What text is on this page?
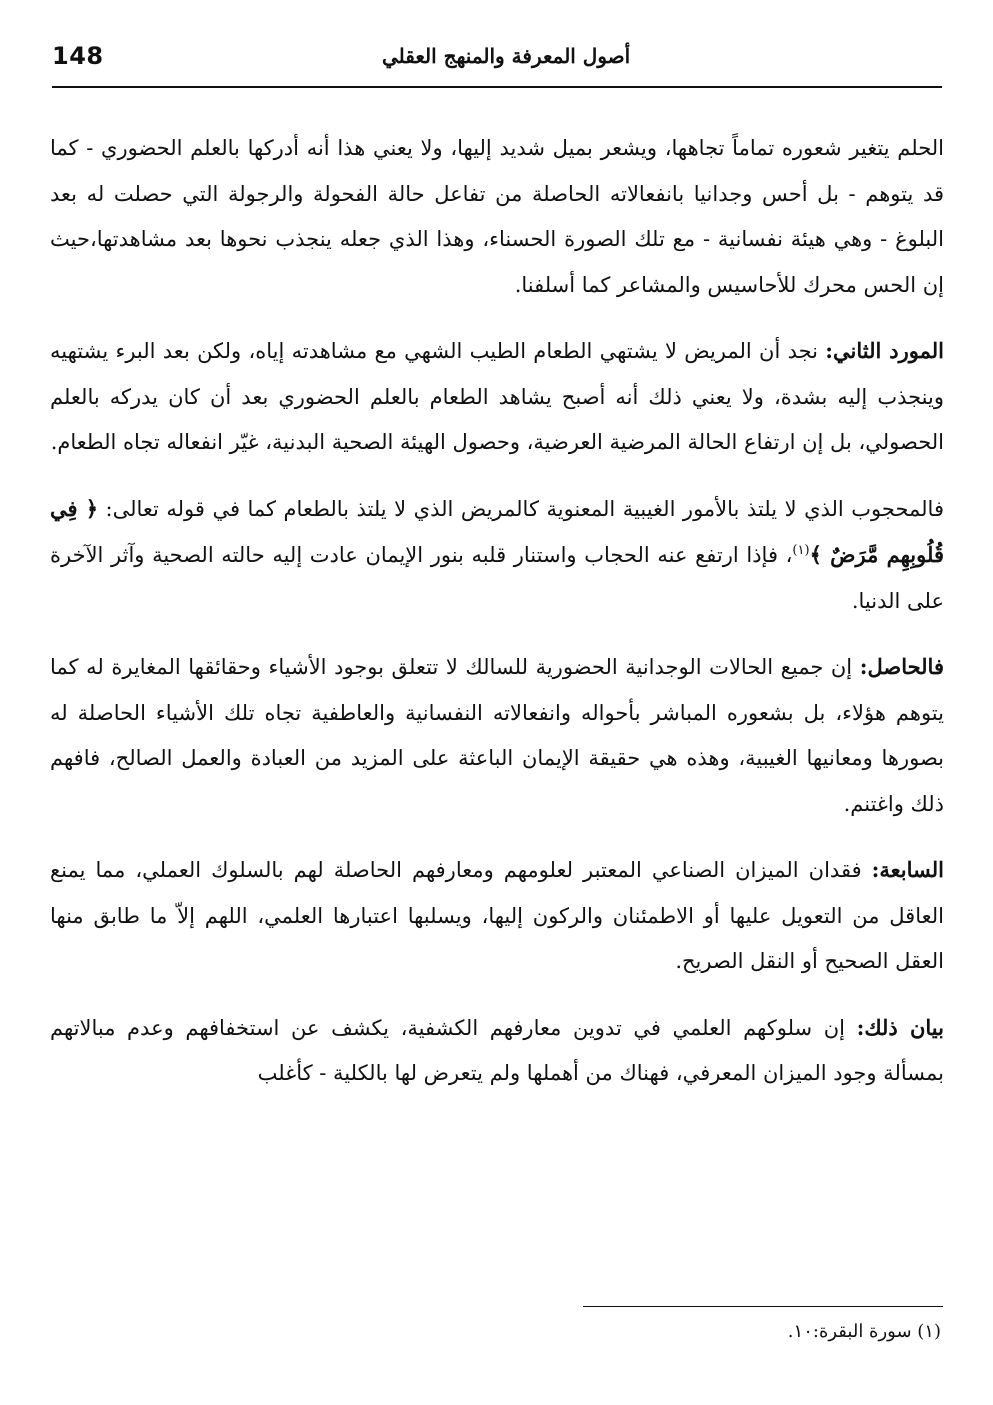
148	أصول المعرفة والمنهج العقلي

الحلم يتغير شعوره تماماً تجاهها، ويشعر بميل شديد إليها، ولا يعني هذا أنه أدركها بالعلم الحضوري - كما قد يتوهم - بل أحس وجدانيا بانفعالاته الحاصلة من تفاعل حالة الفحولة والرجولة التي حصلت له بعد البلوغ - وهي هيئة نفسانية - مع تلك الصورة الحسناء، وهذا الذي جعله ينجذب نحوها بعد مشاهدتها،حيث إن الحس محرك للأحاسيس والمشاعر كما أسلفنا.

المورد الثاني: نجد أن المريض لا يشتهي الطعام الطيب الشهي مع مشاهدته إياه، ولكن بعد البرء يشتهيه وينجذب إليه بشدة، ولا يعني ذلك أنه أصبح يشاهد الطعام بالعلم الحضوري بعد أن كان يدركه بالعلم الحصولي، بل إن ارتفاع الحالة المرضية العرضية، وحصول الهيئة الصحية البدنية، غيّر انفعاله تجاه الطعام.

فالمحجوب الذي لا يلتذ بالأمور الغيبية المعنوية كالمريض الذي لا يلتذ بالطعام كما في قوله تعالى: ﴿ فِي قُلُوبِهِم مَّرَضٌ ﴾$^{(١)}$، فإذا ارتفع عنه الحجاب واستنار قلبه بنور الإيمان عادت إليه حالته الصحية وآثر الآخرة على الدنيا.

فالحاصل: إن جميع الحالات الوجدانية الحضورية للسالك لا تتعلق بوجود الأشياء وحقائقها المغايرة له كما يتوهم هؤلاء، بل بشعوره المباشر بأحواله وانفعالاته النفسانية والعاطفية تجاه تلك الأشياء الحاصلة له بصورها ومعانيها الغيبية، وهذه هي حقيقة الإيمان الباعثة على المزيد من العبادة والعمل الصالح، فافهم ذلك واغتنم.

السابعة: فقدان الميزان الصناعي المعتبر لعلومهم ومعارفهم الحاصلة لهم بالسلوك العملي، مما يمنع العاقل من التعويل عليها أو الاطمئنان والركون إليها، ويسلبها اعتبارها العلمي، اللهم إلاّ ما طابق منها العقل الصحيح أو النقل الصريح.

بيان ذلك: إن سلوكهم العلمي في تدوين معارفهم الكشفية، يكشف عن استخفافهم وعدم مبالاتهم بمسألة وجود الميزان المعرفي، فهناك من أهملها ولم يتعرض لها بالكلية - كأغلب

(١) سورة البقرة:١٠.
